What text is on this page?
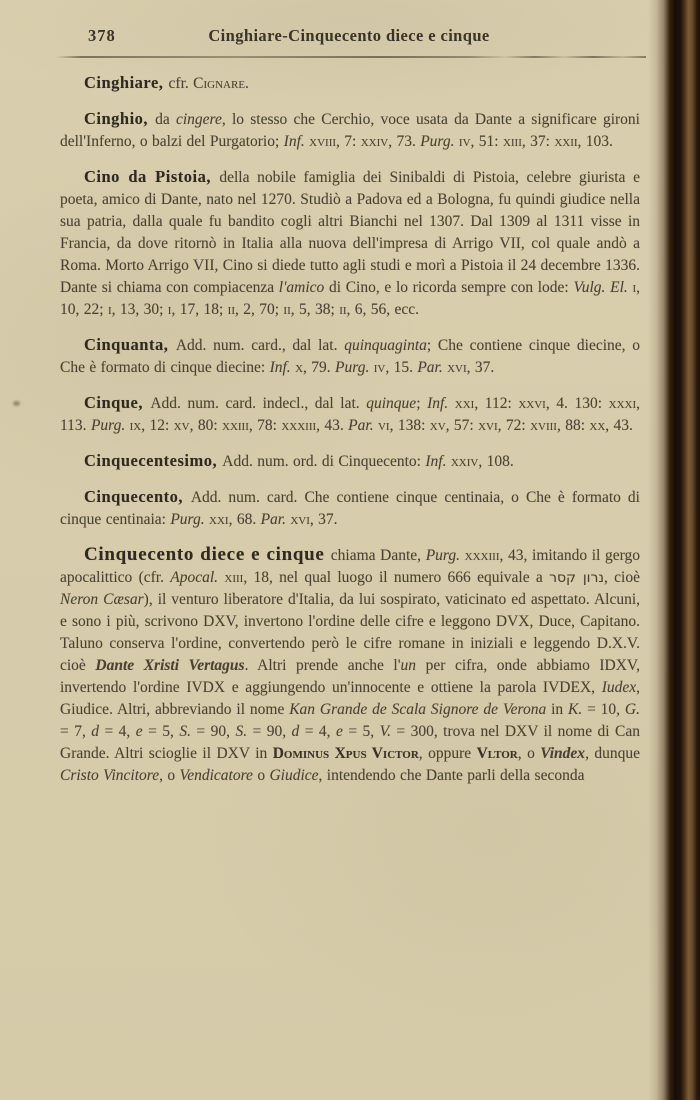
378	Cinghiare-Cinquecento diece e cinque

Cinghiare, cfr. Cignare.

Cinghio, da cingere, lo stesso che Cerchio, voce usata da Dante a significare gironi dell'Inferno, o balzi del Purgatorio; Inf. xviii, 7: xxiv, 73. Purg. iv, 51: xiii, 37: xxii, 103.

Cino da Pistoia, della nobile famiglia dei Sinibaldi di Pistoia, celebre giurista e poeta, amico di Dante, nato nel 1270. Studiò a Padova ed a Bologna, fu quindi giudice nella sua patria, dalla quale fu bandito cogli altri Bianchi nel 1307. Dal 1309 al 1311 visse in Francia, da dove ritornò in Italia alla nuova dell'impresa di Arrigo VII, col quale andò a Roma. Morto Arrigo VII, Cino si diede tutto agli studi e morì a Pistoia il 24 decembre 1336. Dante si chiama con compiacenza l'amico di Cino, e lo ricorda sempre con lode: Vulg. El. i, 10, 22; i, 13, 30; i, 17, 18; ii, 2, 70; ii, 5, 38; ii, 6, 56, ecc.

Cinquanta, Add. num. card., dal lat. quinquaginta; Che contiene cinque diecine, o Che è formato di cinque diecine: Inf. x, 79. Purg. iv, 15. Par. xvi, 37.

Cinque, Add. num. card. indecl., dal lat. quinque; Inf. xxi, 112: xxvi, 4. 130: xxxi, 113. Purg. ix, 12: xv, 80: xxiii, 78: xxxiii, 43. Par. vi, 138: xv, 57: xvi, 72: xviii, 88: xx, 43.

Cinquecentesimo, Add. num. ord. di Cinquecento: Inf. xxiv, 108.

Cinquecento, Add. num. card. Che contiene cinque centinaia, o Che è formato di cinque centinaia: Purg. xxi, 68. Par. xvi, 37.

Cinquecento diece e cinque chiama Dante, Purg. xxxiii, 43, imitando il gergo apocalittico (cfr. Apocal. xiii, 18, nel qual luogo il numero 666 equivale a נרון קסר, cioè Neron Cæsar), il venturo liberatore d'Italia, da lui sospirato, vaticinato ed aspettato. Alcuni, e sono i più, scrivono DXV, invertono l'ordine delle cifre e leggono DVX, Duce, Capitano. Taluno conserva l'ordine, convertendo però le cifre romane in iniziali e leggendo D.X.V. cioè Dante Xristi Vertagus. Altri prende anche l'un per cifra, onde abbiamo IDXV, invertendo l'ordine IVDX e aggiungendo un'innocente e ottiene la parola IVDEX, Iudex, Giudice. Altri, abbreviando il nome Kan Grande de Scala Signore de Verona in K. = 10, G. = 7, d = 4, e = 5, S. = 90, S. = 90, d = 4, e = 5, V. = 300, trova nel DXV il nome di Can Grande. Altri scioglie il DXV in Dominus Xpus Victor, oppure Vltor, o Vindex, dunque Cristo Vincitore, o Vendicatore o Giudice, intendendo che Dante parli della seconda
